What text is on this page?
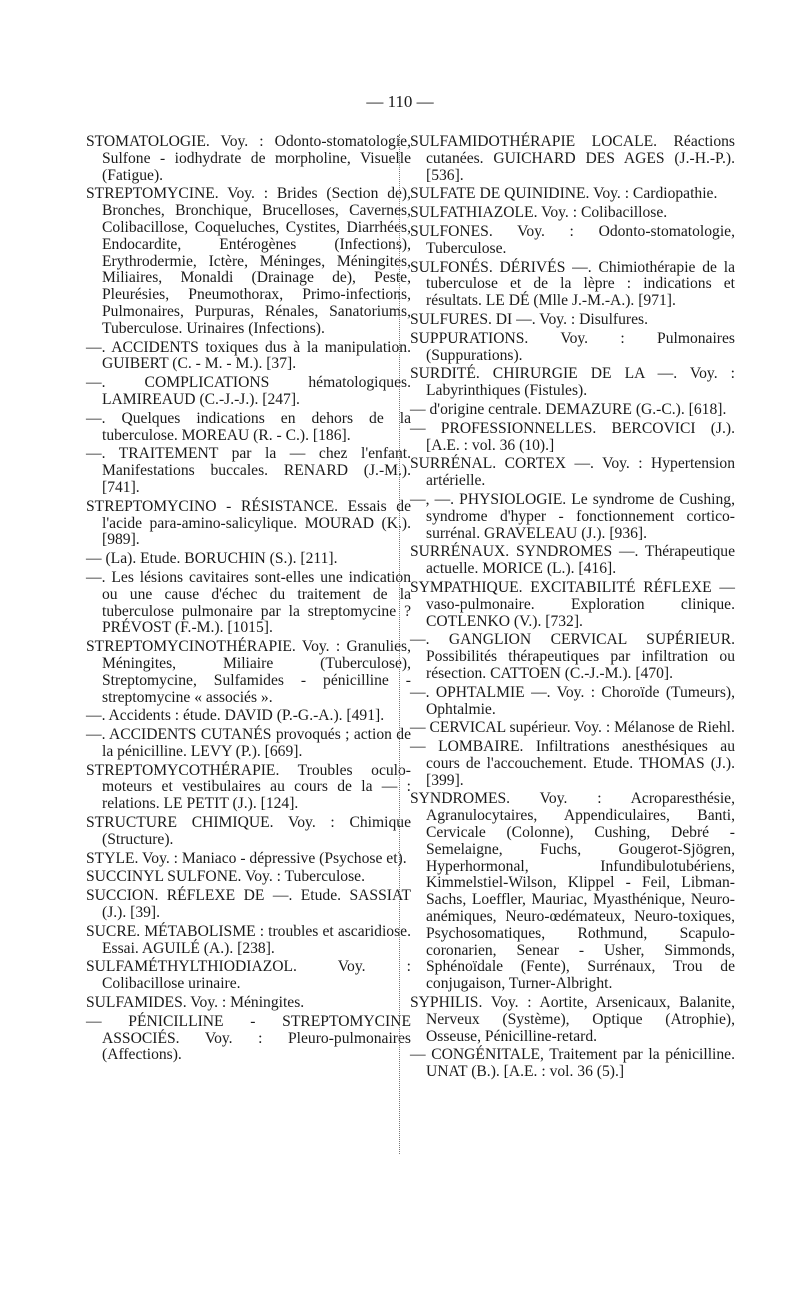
— 110 —

STOMATOLOGIE. Voy. : Odonto-stomatologie, Sulfone - iodhydrate de morpholine, Visuelle (Fatigue).

STREPTOMYCINE. Voy. : Brides (Section de), Bronches, Bronchique, Brucelloses, Cavernes, Colibacillose, Coqueluches, Cystites, Diarrhées, Endocardite, Entérogènes (Infections), Erythrodermie, Ictère, Méninges, Méningites, Miliaires, Monaldi (Drainage de), Peste, Pleurésies, Pneumothorax, Primo-infections, Pulmonaires, Purpuras, Rénales, Sanatoriums, Tuberculose. Urinaires (Infections).

—. ACCIDENTS toxiques dus à la manipulation. GUIBERT (C. - M. - M.). [37].

—. COMPLICATIONS hématologiques. LAMIREAUD (C.-J.-J.). [247].

—. Quelques indications en dehors de la tuberculose. MOREAU (R. - C.). [186].

—. TRAITEMENT par la — chez l'enfant. Manifestations buccales. RENARD (J.-M.). [741].

STREPTOMYCINO - RÉSISTANCE. Essais de l'acide para-amino-salicylique. MOURAD (K.). [989].

— (La). Etude. BORUCHIN (S.). [211].

—. Les lésions cavitaires sont-elles une indication ou une cause d'échec du traitement de la tuberculose pulmonaire par la streptomycine ? PRÉVOST (F.-M.). [1015].

STREPTOMYCINOTHÉRAPIE. Voy. : Granulies, Méningites, Miliaire (Tuberculose), Streptomycine, Sulfamides - pénicilline - streptomycine « associés ».

—. Accidents : étude. DAVID (P.-G.-A.). [491].

—. ACCIDENTS CUTANÉS provoqués ; action de la pénicilline. LEVY (P.). [669].

STREPTOMYCOTHÉRAPIE. Troubles oculo-moteurs et vestibulaires au cours de la — : relations. LE PETIT (J.). [124].

STRUCTURE CHIMIQUE. Voy. : Chimique (Structure).

STYLE. Voy. : Maniaco - dépressive (Psychose et).

SUCCINYL SULFONE. Voy. : Tuberculose.

SUCCION. RÉFLEXE DE —. Etude. SASSIAT (J.). [39].

SUCRE. MÉTABOLISME : troubles et ascaridiose. Essai. AGUILÉ (A.). [238].

SULFAMÉTHYLTHIODIAZOL. Voy. : Colibacillose urinaire.

SULFAMIDES. Voy. : Méningites.

— PÉNICILLINE - STREPTOMYCINE ASSOCIÉS. Voy. : Pleuro-pulmonaires (Affections).

SULFAMIDOTHÉRAPIE LOCALE. Réactions cutanées. GUICHARD DES AGES (J.-H.-P.). [536].

SULFATE DE QUINIDINE. Voy. : Cardiopathie.

SULFATHIAZOLE. Voy. : Colibacillose.

SULFONES. Voy. : Odonto-stomatologie, Tuberculose.

SULFONÉS. DÉRIVÉS —. Chimiothérapie de la tuberculose et de la lèpre : indications et résultats. LE DÉ (Mlle J.-M.-A.). [971].

SULFURES. DI —. Voy. : Disulfures.

SUPPURATIONS. Voy. : Pulmonaires (Suppurations).

SURDITÉ. CHIRURGIE DE LA —. Voy. : Labyrinthiques (Fistules).

— d'origine centrale. DEMAZURE (G.-C.). [618].

— PROFESSIONNELLES. BERCOVICI (J.). [A.E. : vol. 36 (10).]

SURRÉNAL. CORTEX —. Voy. : Hypertension artérielle.

—, —. PHYSIOLOGIE. Le syndrome de Cushing, syndrome d'hyper - fonctionnement cortico-surrénal. GRAVELEAU (J.). [936].

SURRÉNAUX. SYNDROMES —. Thérapeutique actuelle. MORICE (L.). [416].

SYMPATHIQUE. EXCITABILITÉ RÉFLEXE — vaso-pulmonaire. Exploration clinique. COTLENKO (V.). [732].

—. GANGLION CERVICAL SUPÉRIEUR. Possibilités thérapeutiques par infiltration ou résection. CATTOEN (C.-J.-M.). [470].

—. OPHTALMIE —. Voy. : Choroïde (Tumeurs), Ophtalmie.

— CERVICAL supérieur. Voy. : Mélanose de Riehl.

— LOMBAIRE. Infiltrations anesthésiques au cours de l'accouchement. Etude. THOMAS (J.). [399].

SYNDROMES. Voy. : Acroparesthésie, Agranulocytaires, Appendiculaires, Banti, Cervicale (Colonne), Cushing, Debré - Semelaigne, Fuchs, Gougerot-Sjögren, Hyperhormonal, Infundibulotubériens, Kimmelstiel-Wilson, Klippel - Feil, Libman-Sachs, Loeffler, Mauriac, Myasthénique, Neuro-anémiques, Neuro-œdémateux, Neuro-toxiques, Psychosomatiques, Rothmund, Scapulo-coronarien, Senear - Usher, Simmonds, Sphénoïdale (Fente), Surrénaux, Trou de conjugaison, Turner-Albright.

SYPHILIS. Voy. : Aortite, Arsenicaux, Balanite, Nerveux (Système), Optique (Atrophie), Osseuse, Pénicilline-retard.

— CONGÉNITALE, Traitement par la pénicilline. UNAT (B.). [A.E. : vol. 36 (5).]
